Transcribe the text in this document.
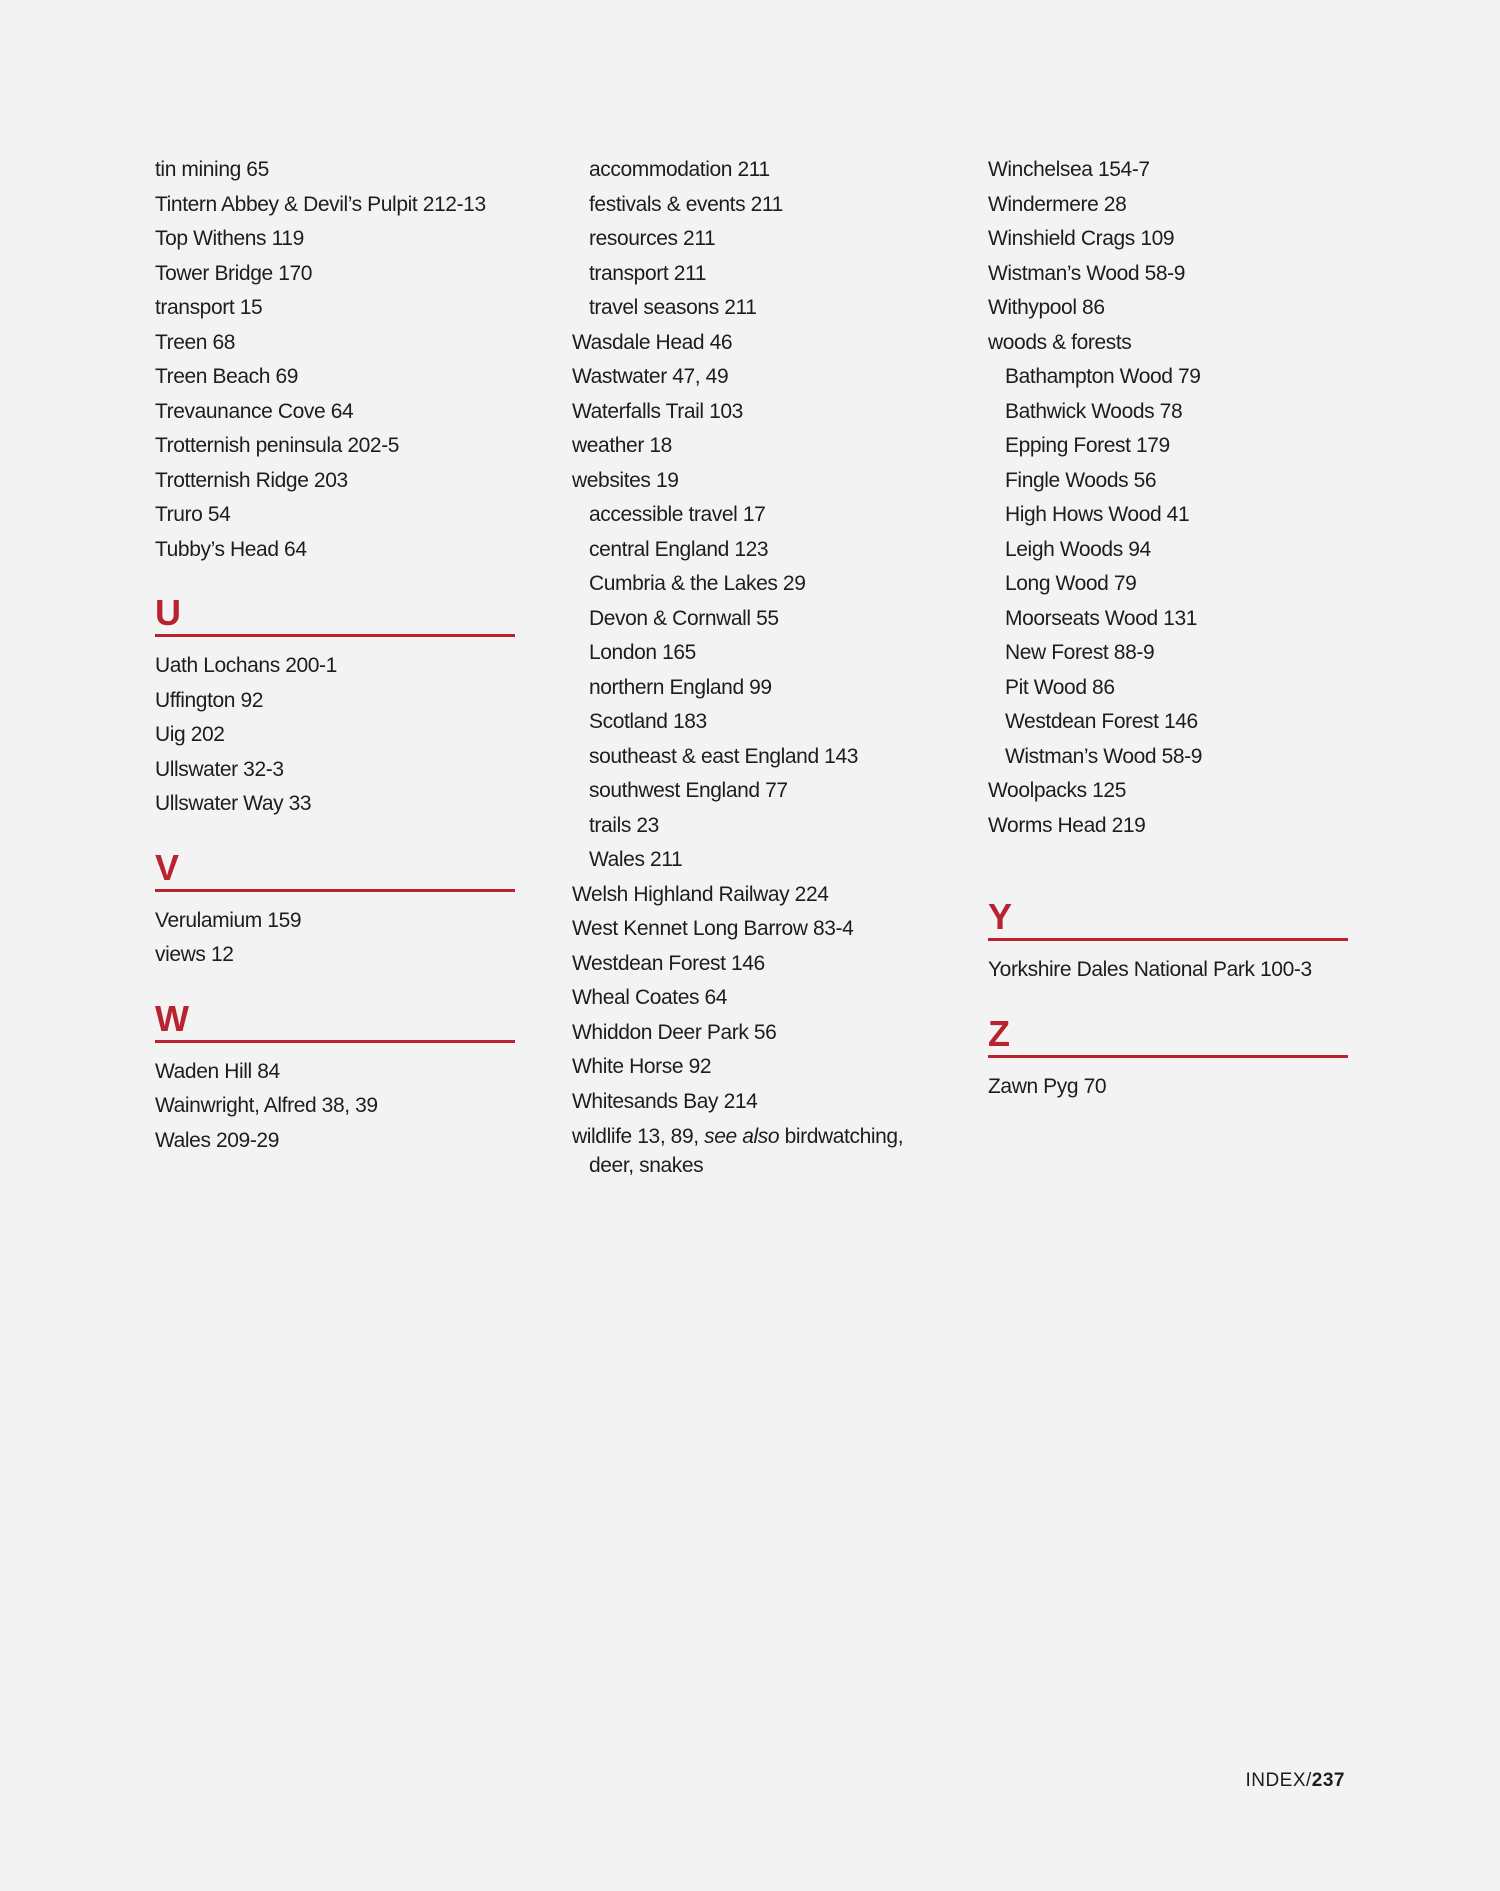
tin mining 65
Tintern Abbey & Devil’s Pulpit 212-13
Top Withens 119
Tower Bridge 170
transport 15
Treen 68
Treen Beach 69
Trevaunance Cove 64
Trotternish peninsula 202-5
Trotternish Ridge 203
Truro 54
Tubby’s Head 64
U
Uath Lochans 200-1
Uffington 92
Uig 202
Ullswater 32-3
Ullswater Way 33
V
Verulamium 159
views 12
W
Waden Hill 84
Wainwright, Alfred 38, 39
Wales 209-29
accommodation 211
festivals & events 211
resources 211
transport 211
travel seasons 211
Wasdale Head 46
Wastwater 47, 49
Waterfalls Trail 103
weather 18
websites 19
accessible travel 17
central England 123
Cumbria & the Lakes 29
Devon & Cornwall 55
London 165
northern England 99
Scotland 183
southeast & east England 143
southwest England 77
trails 23
Wales 211
Welsh Highland Railway 224
West Kennet Long Barrow 83-4
Westdean Forest 146
Wheal Coates 64
Whiddon Deer Park 56
White Horse 92
Whitesands Bay 214
wildlife 13, 89, see also birdwatching, deer, snakes
Winchelsea 154-7
Windermere 28
Winshield Crags 109
Wistman’s Wood 58-9
Withypool 86
woods & forests
Bathampton Wood 79
Bathwick Woods 78
Epping Forest 179
Fingle Woods 56
High Hows Wood 41
Leigh Woods 94
Long Wood 79
Moorseats Wood 131
New Forest 88-9
Pit Wood 86
Westdean Forest 146
Wistman’s Wood 58-9
Woolpacks 125
Worms Head 219
Y
Yorkshire Dales National Park 100-3
Z
Zawn Pyg 70
INDEX/237
